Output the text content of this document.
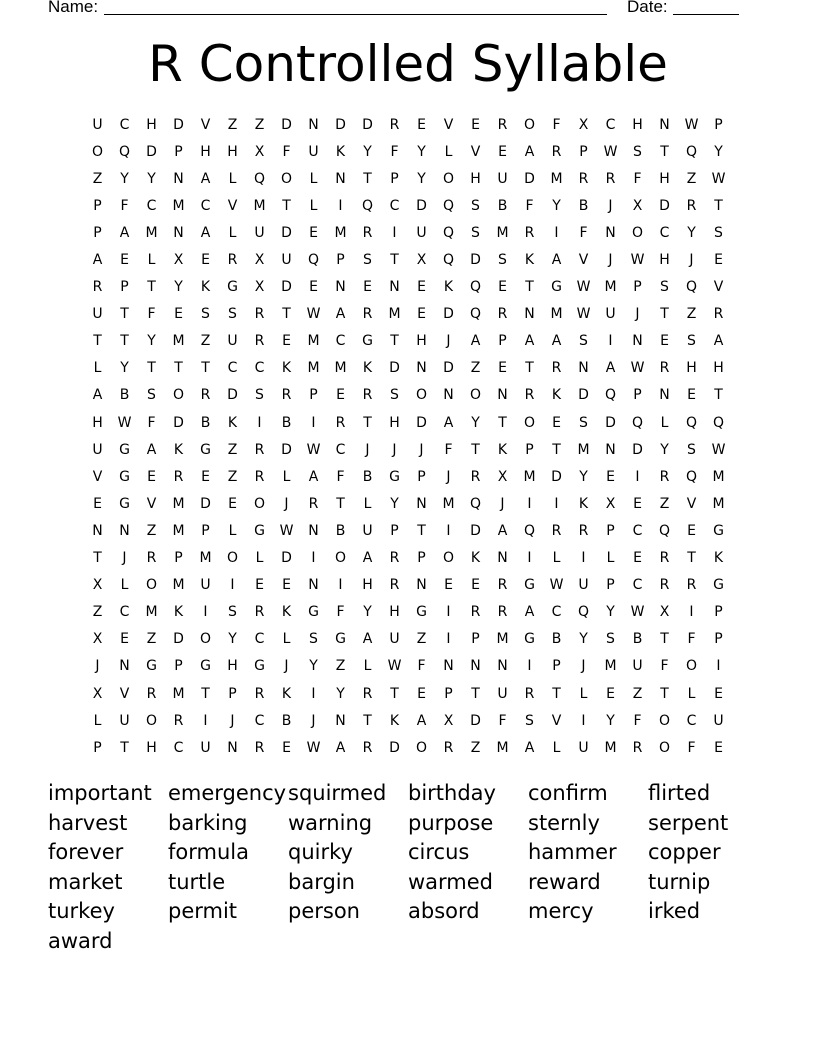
Name:	Date:
R Controlled Syllable
U	C	H	D	V	Z	Z	D	N	D	D	R	E	V	E	R	O	F	X	C	H	N	W	P
O	Q	D	P	H	H	X	F	U	K	Y	F	Y	L	V	E	A	R	P	W	S	T	Q	Y
Z	Y	Y	N	A	L	Q	O	L	N	T	P	Y	O	H	U	D	M	R	R	F	H	Z	W
P	F	C	M	C	V	M	T	L	I	Q	C	D	Q	S	B	F	Y	B	J	X	D	R	T
P	A	M	N	A	L	U	D	E	M	R	I	U	Q	S	M	R	I	F	N	O	C	Y	S
A	E	L	X	E	R	X	U	Q	P	S	T	X	Q	D	S	K	A	V	J	W	H	J	E
R	P	T	Y	K	G	X	D	E	N	E	N	E	K	Q	E	T	G	W	M	P	S	Q	V
U	T	F	E	S	S	R	T	W	A	R	M	E	D	Q	R	N	M	W	U	J	T	Z	R
T	T	Y	M	Z	U	R	E	M	C	G	T	H	J	A	P	A	A	S	I	N	E	S	A
L	Y	T	T	T	C	C	K	M	M	K	D	N	D	Z	E	T	R	N	A	W	R	H	H
A	B	S	O	R	D	S	R	P	E	R	S	O	N	O	N	R	K	D	Q	P	N	E	T
H	W	F	D	B	K	I	B	I	R	T	H	D	A	Y	T	O	E	S	D	Q	L	Q	Q
U	G	A	K	G	Z	R	D	W	C	J	J	J	F	T	K	P	T	M	N	D	Y	S	W
V	G	E	R	E	Z	R	L	A	F	B	G	P	J	R	X	M	D	Y	E	I	R	Q	M
E	G	V	M	D	E	O	J	R	T	L	Y	N	M	Q	J	I	I	K	X	E	Z	V	M
N	N	Z	M	P	L	G	W	N	B	U	P	T	I	D	A	Q	R	R	P	C	Q	E	G
T	J	R	P	M	O	L	D	I	O	A	R	P	O	K	N	I	L	I	L	E	R	T	K
X	L	O	M	U	I	E	E	N	I	H	R	N	E	E	R	G	W	U	P	C	R	R	G
Z	C	M	K	I	S	R	K	G	F	Y	H	G	I	R	R	A	C	Q	Y	W	X	I	P
X	E	Z	D	O	Y	C	L	S	G	A	U	Z	I	P	M	G	B	Y	S	B	T	F	P
J	N	G	P	G	H	G	J	Y	Z	L	W	F	N	N	N	I	P	J	M	U	F	O	I
X	V	R	M	T	P	R	K	I	Y	R	T	E	P	T	U	R	T	L	E	Z	T	L	E
L	U	O	R	I	J	C	B	J	N	T	K	A	X	D	F	S	V	I	Y	F	O	C	U
P	T	H	C	U	N	R	E	W	A	R	D	O	R	Z	M	A	L	U	M	R	O	F	E
important emergency squirmed	birthday	confirm	flirted
harvest	barking	warning	purpose	sternly	serpent
forever	formula	quirky	circus	hammer	copper
market	turtle	bargin	warmed	reward	turnip
turkey	permit	person	absord	mercy	irked
award
